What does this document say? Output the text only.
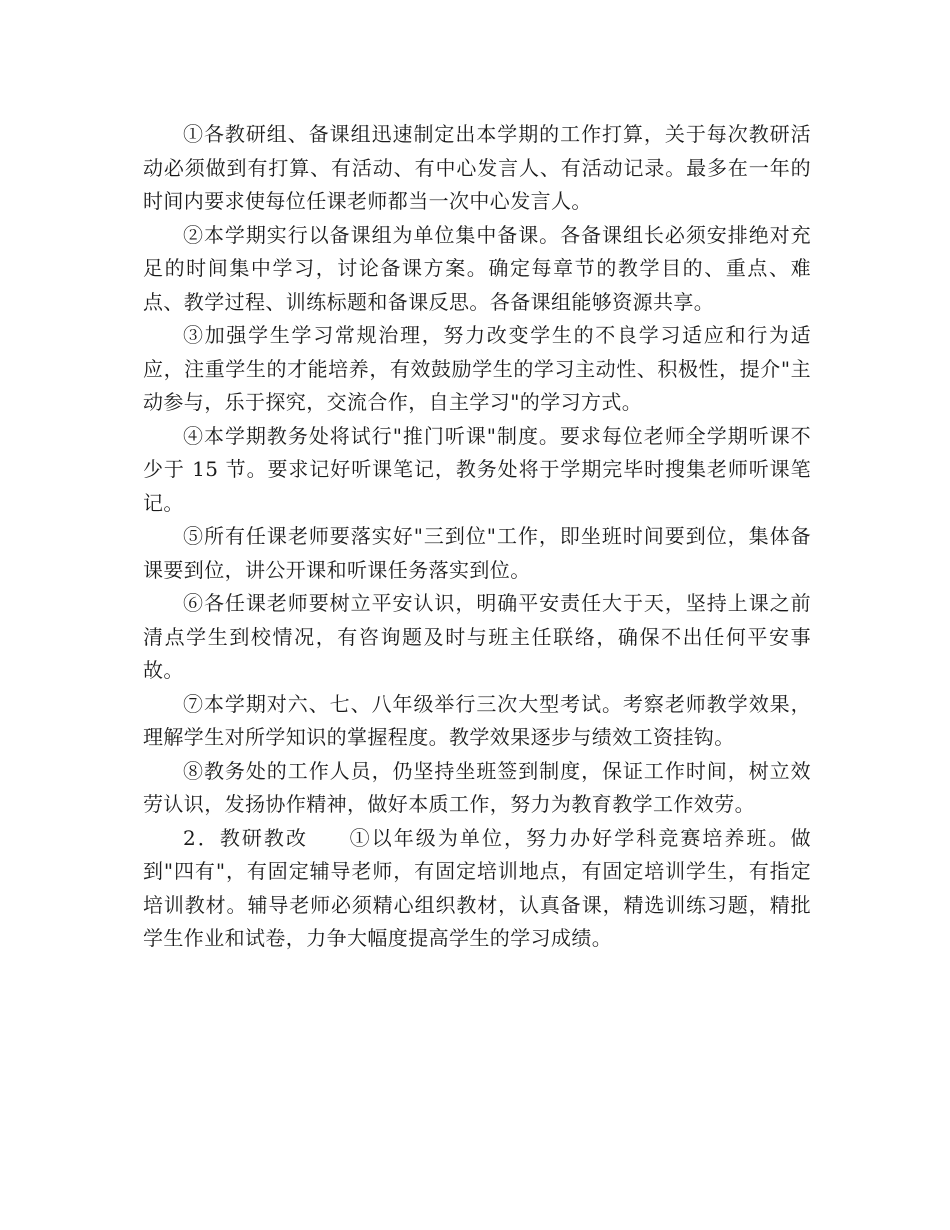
①各教研组、备课组迅速制定出本学期的工作打算，关于每次教研活动必须做到有打算、有活动、有中心发言人、有活动记录。最多在一年的时间内要求使每位任课老师都当一次中心发言人。

②本学期实行以备课组为单位集中备课。各备课组长必须安排绝对充足的时间集中学习，讨论备课方案。确定每章节的教学目的、重点、难点、教学过程、训练标题和备课反思。各备课组能够资源共享。

③加强学生学习常规治理，努力改变学生的不良学习适应和行为适应，注重学生的才能培养，有效鼓励学生的学习主动性、积极性，提介"主动参与，乐于探究，交流合作，自主学习"的学习方式。

④本学期教务处将试行"推门听课"制度。要求每位老师全学期听课不少于 15 节。要求记好听课笔记，教务处将于学期完毕时搜集老师听课笔记。

⑤所有任课老师要落实好"三到位"工作，即坐班时间要到位，集体备课要到位，讲公开课和听课任务落实到位。

⑥各任课老师要树立平安认识，明确平安责任大于天，坚持上课之前清点学生到校情况，有咨询题及时与班主任联络，确保不出任何平安事故。

⑦本学期对六、七、八年级举行三次大型考试。考察老师教学效果，理解学生对所学知识的掌握程度。教学效果逐步与绩效工资挂钩。

⑧教务处的工作人员，仍坚持坐班签到制度，保证工作时间，树立效劳认识，发扬协作精神，做好本质工作，努力为教育教学工作效劳。

2．教研教改 ①以年级为单位，努力办好学科竞赛培养班。做到"四有"，有固定辅导老师，有固定培训地点，有固定培训学生，有指定培训教材。辅导老师必须精心组织教材，认真备课，精选训练习题，精批学生作业和试卷，力争大幅度提高学生的学习成绩。
